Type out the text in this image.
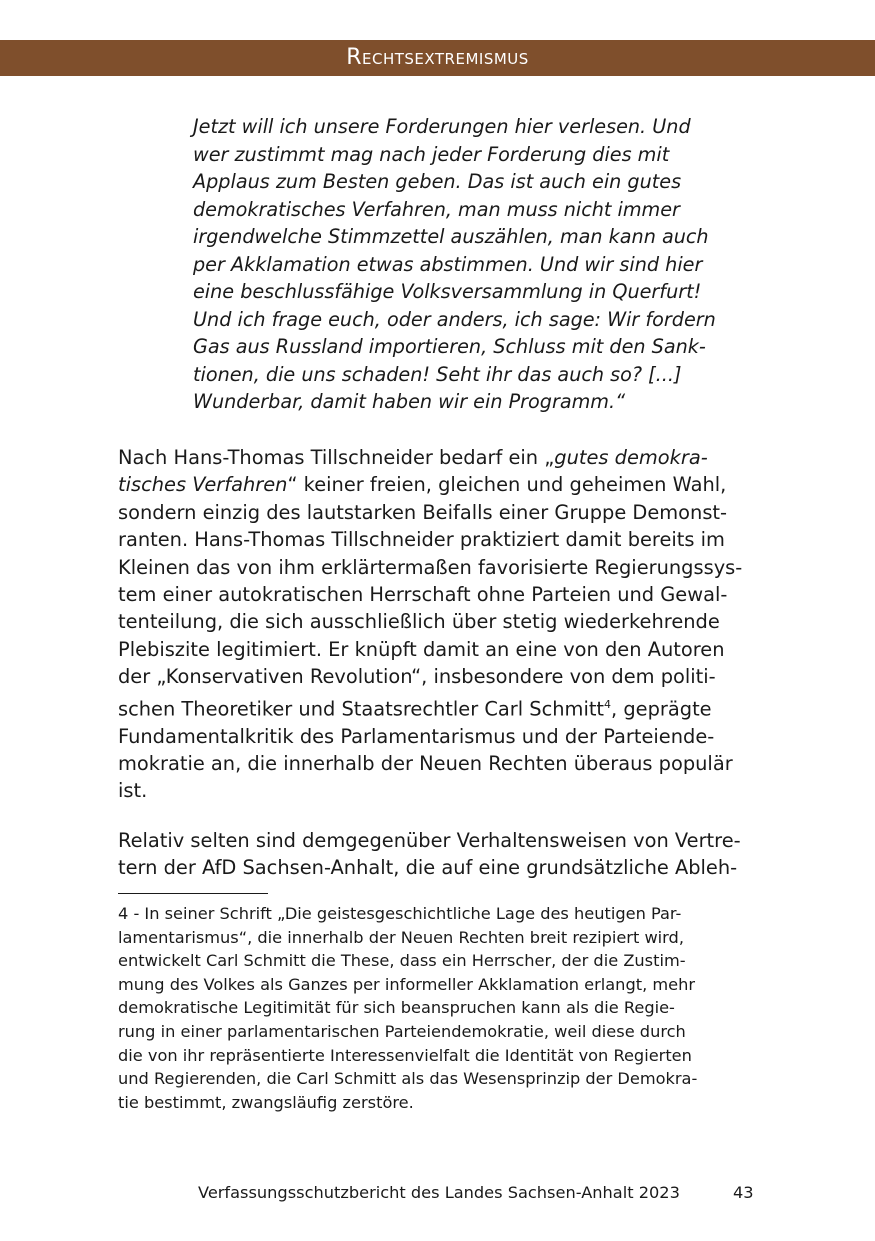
Rechtsextremismus
Jetzt will ich unsere Forderungen hier verlesen. Und
wer zustimmt mag nach jeder Forderung dies mit
Applaus zum Besten geben. Das ist auch ein gutes
demokratisches Verfahren, man muss nicht immer
irgendwelche Stimmzettel auszählen, man kann auch
per Akklamation etwas abstimmen. Und wir sind hier
eine beschlussfähige Volksversammlung in Querfurt!
Und ich frage euch, oder anders, ich sage: Wir fordern
Gas aus Russland importieren, Schluss mit den Sank-
tionen, die uns schaden! Seht ihr das auch so? [...]
Wunderbar, damit haben wir ein Programm.“
Nach Hans-Thomas Tillschneider bedarf ein „gutes demokra-
tisches Verfahren“ keiner freien, gleichen und geheimen Wahl,
sondern einzig des lautstarken Beifalls einer Gruppe Demonst-
ranten. Hans-Thomas Tillschneider praktiziert damit bereits im
Kleinen das von ihm erklärtermaßen favorisierte Regierungssys-
tem einer autokratischen Herrschaft ohne Parteien und Gewal-
tenteilung, die sich ausschließlich über stetig wiederkehrende
Plebiszite legitimiert. Er knüpft damit an eine von den Autoren
der „Konservativen Revolution“, insbesondere von dem politi-
schen Theoretiker und Staatsrechtler Carl Schmitt$^4$, geprägte
Fundamentalkritik des Parlamentarismus und der Parteiende-
mokratie an, die innerhalb der Neuen Rechten überaus populär
ist.
Relativ selten sind demgegenüber Verhaltensweisen von Vertre-
tern der AfD Sachsen-Anhalt, die auf eine grundsätzliche Ableh-
4 - In seiner Schrift „Die geistesgeschichtliche Lage des heutigen Par-
lamentarismus“, die innerhalb der Neuen Rechten breit rezipiert wird,
entwickelt Carl Schmitt die These, dass ein Herrscher, der die Zustim-
mung des Volkes als Ganzes per informeller Akklamation erlangt, mehr
demokratische Legitimität für sich beanspruchen kann als die Regie-
rung in einer parlamentarischen Parteiendemokratie, weil diese durch
die von ihr repräsentierte Interessenvielfalt die Identität von Regierten
und Regierenden, die Carl Schmitt als das Wesensprinzip der Demokra-
tie bestimmt, zwangsläufig zerstöre.
Verfassungsschutzbericht des Landes Sachsen-Anhalt 2023	43
